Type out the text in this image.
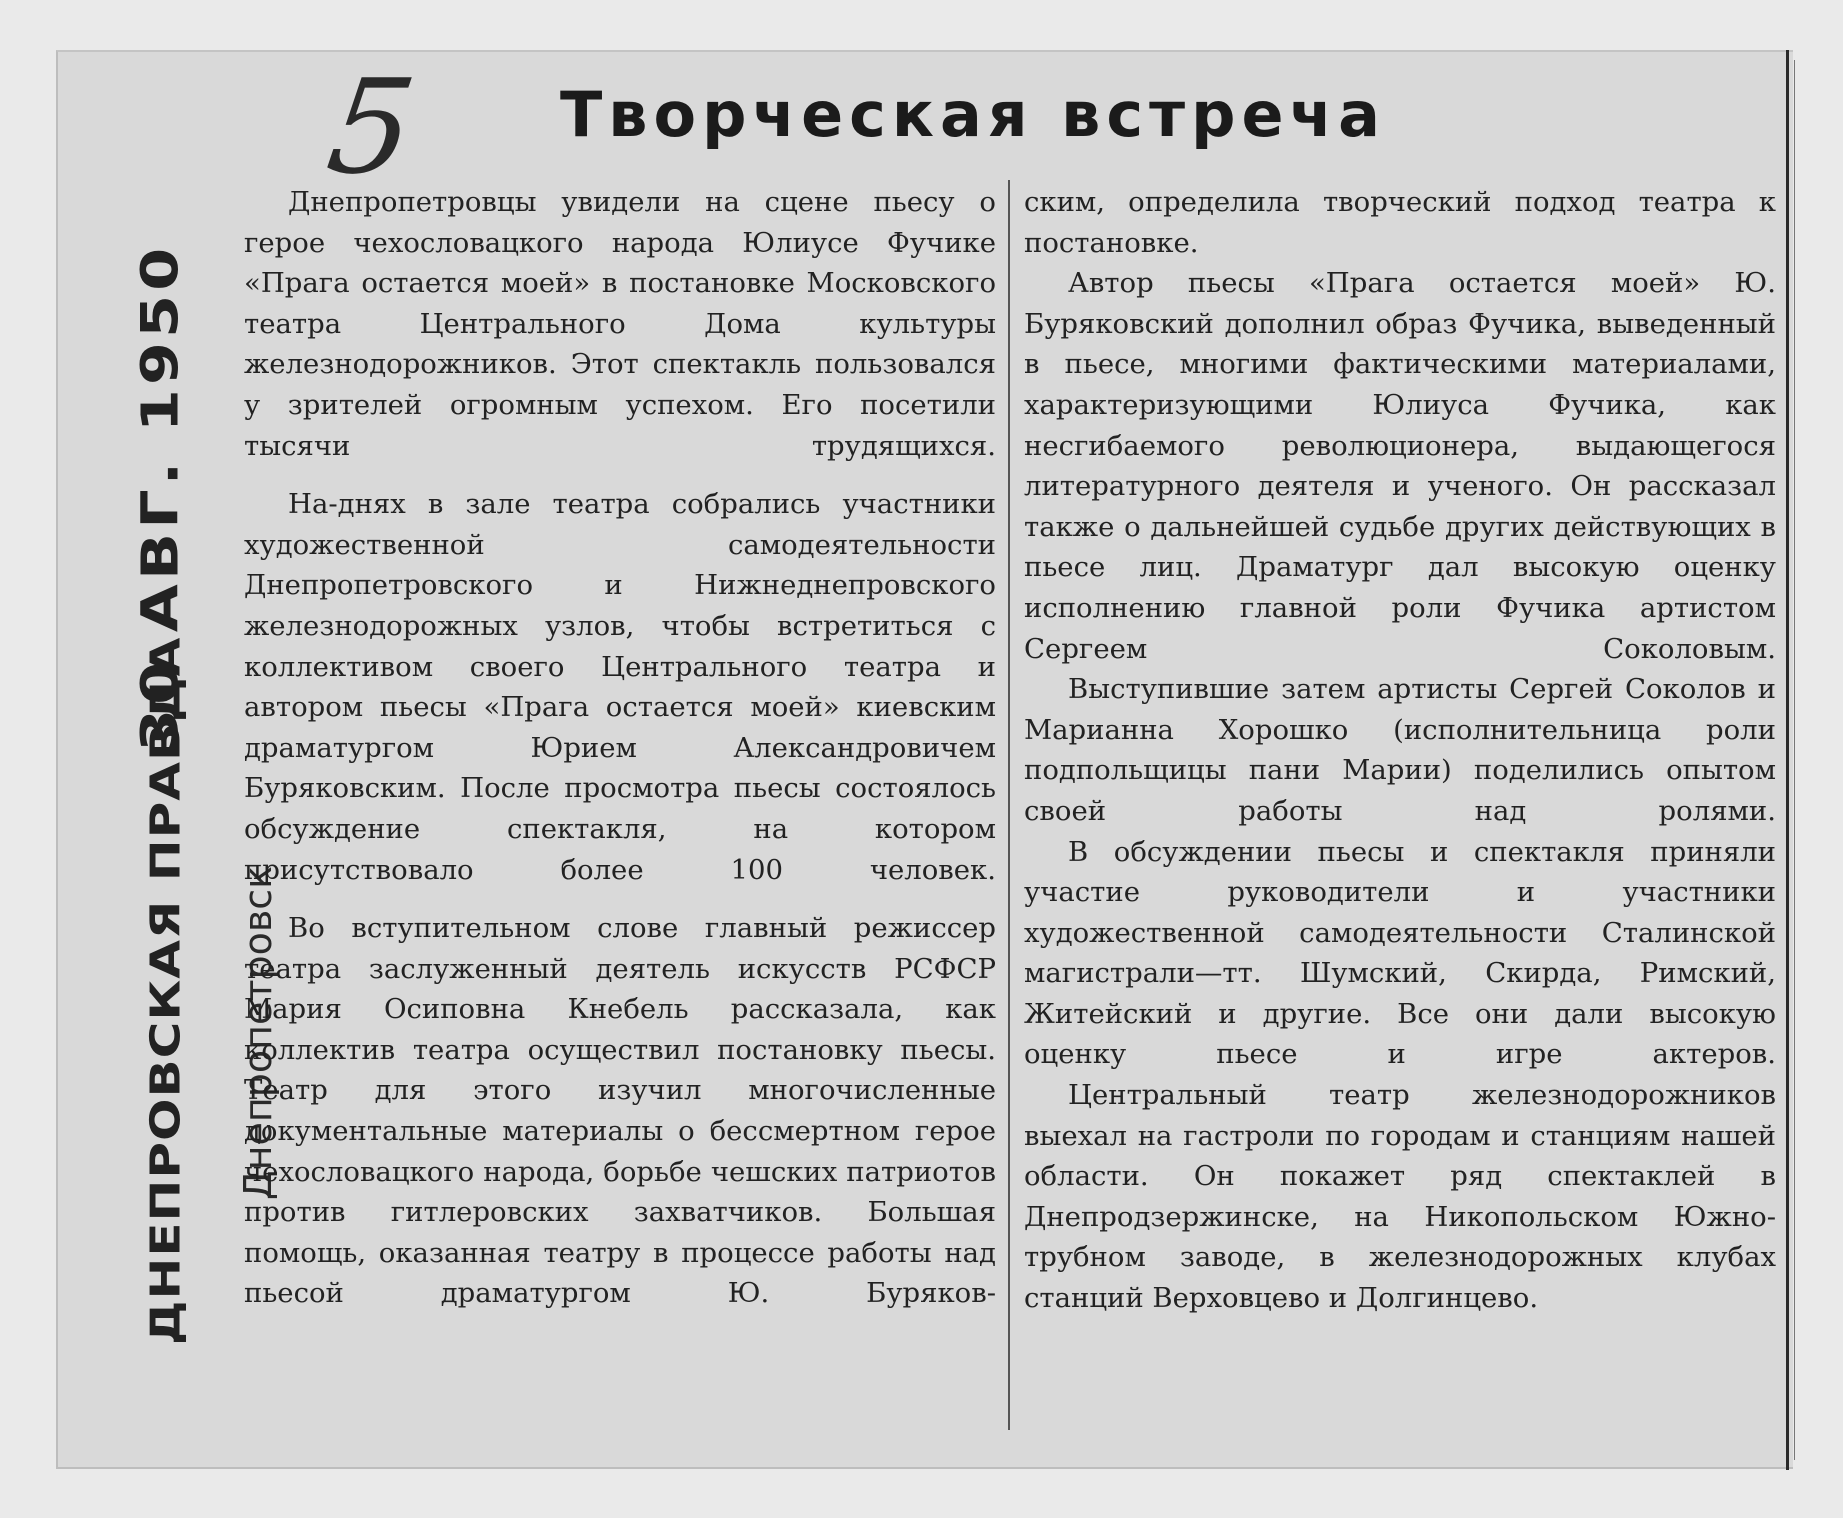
5 Творческая встреча
ДНЕПРОВСКАЯ ПРАВДА
30 АВГ. 1950
Днепропетровск

Днепропетровцы увидели на сцене пьесу о герое чехословацкого народа Юлиусе Фучике «Прага остается моей» в постановке Московского театра Центрального Дома культуры железнодорожников. Этот спектакль пользовался у зрителей огромным успехом. Его посетили тысячи трудящихся.

На-днях в зале театра собрались участники художественной самодеятельности Днепропетровского и Нижнеднепровского железнодорожных узлов, чтобы встретиться с коллективом своего Центрального театра и автором пьесы «Прага остается моей» киевским драматургом Юрием Александровичем Буряковским. После просмотра пьесы состоялось обсуждение спектакля, на котором присутствовало более 100 человек.

Во вступительном слове главный режиссер театра заслуженный деятель искусств РСФСР Мария Осиповна Кнебель рассказала, как коллектив театра осуществил постановку пьесы. Театр для этого изучил многочисленные документальные материалы о бессмертном герое чехословацкого народа, борьбе чешских патриотов против гитлеровских захватчиков. Большая помощь, оказанная театру в процессе работы над пьесой драматургом Ю. Буряков-

ским, определила творческий подход театра к постановке.

Автор пьесы «Прага остается моей» Ю. Буряковский дополнил образ Фучика, выведенный в пьесе, многими фактическими материалами, характеризующими Юлиуса Фучика, как несгибаемого революционера, выдающегося литературного деятеля и ученого. Он рассказал также о дальнейшей судьбе других действующих в пьесе лиц. Драматург дал высокую оценку исполнению главной роли Фучика артистом Сергеем Соколовым.

Выступившие затем артисты Сергей Соколов и Марианна Хорошко (исполнительница роли подпольщицы пани Марии) поделились опытом своей работы над ролями.

В обсуждении пьесы и спектакля приняли участие руководители и участники художественной самодеятельности Сталинской магистрали—тт. Шумский, Скирда, Римский, Житейский и другие. Все они дали высокую оценку пьесе и игре актеров.

Центральный театр железнодорожников выехал на гастроли по городам и станциям нашей области. Он покажет ряд спектаклей в Днепродзержинске, на Никопольском Южно-трубном заводе, в железнодорожных клубах станций Верховцево и Долгинцево.
